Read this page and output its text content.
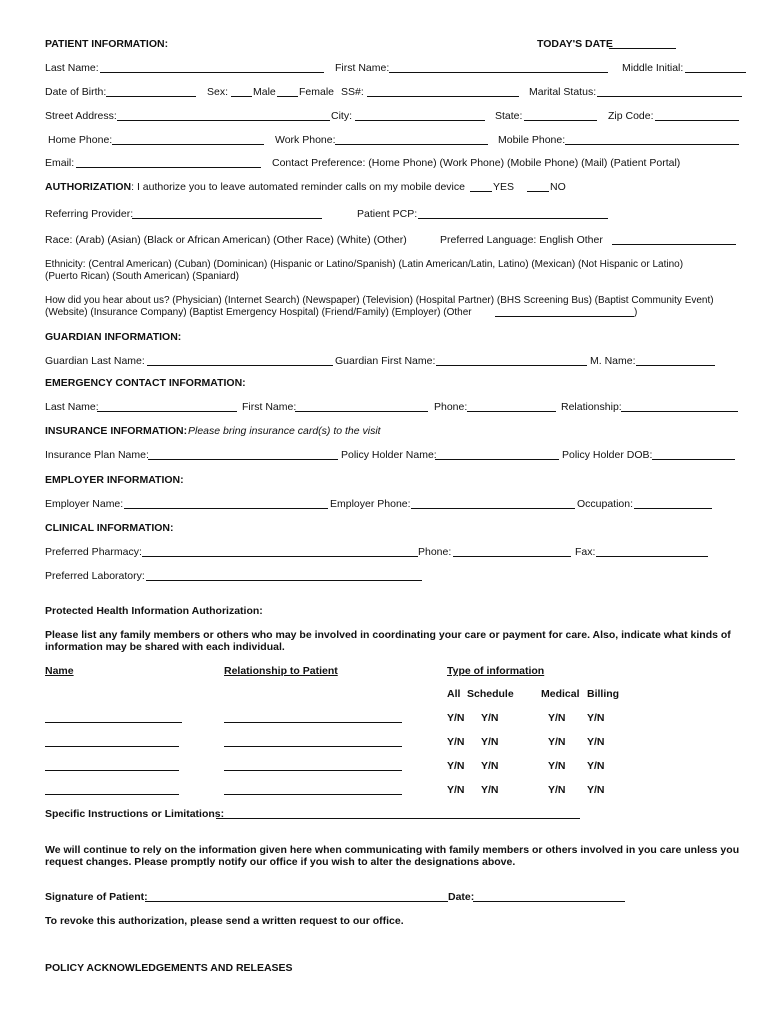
PATIENT INFORMATION:	TODAY'S DATE
Last Name:	First Name:	Middle Initial:
Date of Birth:	Sex: Male Female SS#:	Marital Status:
Street Address:	City:	State:	Zip Code:
Home Phone:	Work Phone:	Mobile Phone:
Email:	Contact Preference: (Home Phone) (Work Phone) (Mobile Phone) (Mail) (Patient Portal)
AUTHORIZATION: I authorize you to leave automated reminder calls on my mobile device	YES	NO
Referring Provider:	Patient PCP:
Race: (Arab) (Asian) (Black or African American) (Other Race) (White) (Other)	Preferred Language: English Other
Ethnicity: (Central American) (Cuban) (Dominican) (Hispanic or Latino/Spanish) (Latin American/Latin, Latino) (Mexican) (Not Hispanic or Latino)
(Puerto Rican) (South American) (Spaniard)
How did you hear about us? (Physician) (Internet Search) (Newspaper) (Television) (Hospital Partner) (BHS Screening Bus) (Baptist Community Event)
(Website) (Insurance Company) (Baptist Emergency Hospital) (Friend/Family) (Employer) (Other	)
GUARDIAN INFORMATION:
Guardian Last Name:	Guardian First Name:	M. Name:
EMERGENCY CONTACT INFORMATION:
Last Name:	First Name:	Phone:	Relationship:
INSURANCE INFORMATION: Please bring insurance card(s) to the visit
Insurance Plan Name:	Policy Holder Name:	Policy Holder DOB:
EMPLOYER INFORMATION:
Employer Name:	Employer Phone:	Occupation:
CLINICAL INFORMATION:
Preferred Pharmacy:	Phone:	Fax:
Preferred Laboratory:
Protected Health Information Authorization:
Please list any family members or others who may be involved in coordinating your care or payment for care. Also, indicate what kinds of
information may be shared with each individual.
Name	Relationship to Patient	Type of information
All Schedule	Medical Billing
Y/N Y/N	Y/N Y/N
Y/N Y/N	Y/N Y/N
Y/N Y/N	Y/N Y/N
Y/N Y/N	Y/N Y/N
Specific Instructions or Limitations:
We will continue to rely on the information given here when communicating with family members or others involved in you care unless you
request changes. Please promptly notify our office if you wish to alter the designations above.
Signature of Patient:	Date:
To revoke this authorization, please send a written request to our office.
POLICY ACKNOWLEDGEMENTS AND RELEASES
